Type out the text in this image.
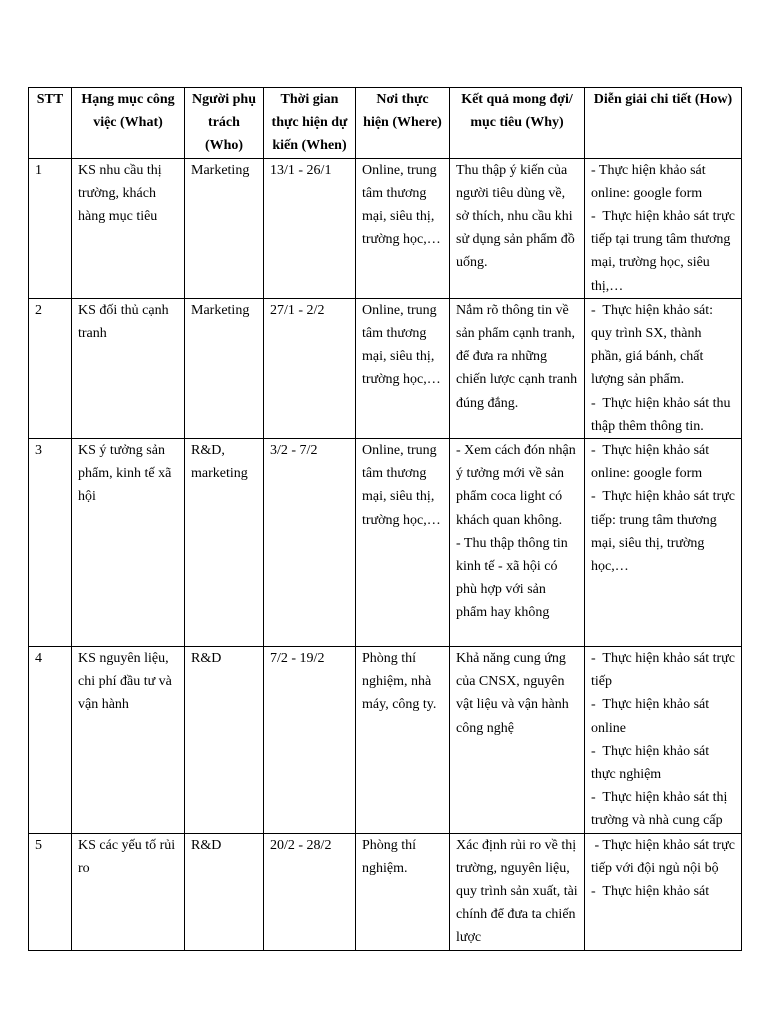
STT	Hạng mục công việc (What)	Người phụ trách (Who)	Thời gian thực hiện dự kiến (When)	Nơi thực hiện (Where)	Kết quả mong đợi/ mục tiêu (Why)	Diễn giải chi tiết (How)
1	KS nhu cầu thị trường, khách hàng mục tiêu	Marketing	13/1 - 26/1	Online, trung tâm thương mại, siêu thị, trường học,…	Thu thập ý kiến của người tiêu dùng về, sở thích, nhu cầu khi sử dụng sản phẩm đồ uống.	- Thực hiện khảo sát online: google form
-  Thực hiện khảo sát trực tiếp tại trung tâm thương mại, trường học, siêu thị,…

2	KS đối thủ cạnh tranh	Marketing	27/1 - 2/2	Online, trung tâm thương mại, siêu thị, trường học,…	Nắm rõ thông tin về sản phẩm cạnh tranh, để đưa ra những chiến lược cạnh tranh đúng đắng.	-  Thực hiện khảo sát: quy trình SX, thành phần, giá bánh, chất lượng sản phẩm.
-  Thực hiện khảo sát thu thập thêm thông tin.

3	KS ý tưởng sản phẩm, kinh tế xã hội	R&D, marketing	3/2 - 7/2	Online, trung tâm thương mại, siêu thị, trường học,…	- Xem cách đón nhận ý tưởng mới về sản phẩm coca light có khách quan không.
- Thu thập thông tin kinh tế - xã hội có phù hợp với sản phẩm hay không	-  Thực hiện khảo sát online: google form
-  Thực hiện khảo sát trực tiếp: trung tâm thương mại, siêu thị, trường học,…

4	KS nguyên liệu, chi phí đầu tư và vận hành	R&D	7/2 - 19/2	Phòng thí nghiệm, nhà máy, công ty.	Khả năng cung ứng của CNSX, nguyên vật liệu và vận hành công nghệ	-  Thực hiện khảo sát trực tiếp
-  Thực hiện khảo sát online
-  Thực hiện khảo sát thực nghiệm
-  Thực hiện khảo sát thị trường và nhà cung cấp

5	KS các yếu tố rủi ro	R&D	20/2 - 28/2	Phòng thí nghiệm.	Xác định rủi ro về thị trường, nguyên liệu, quy trình sản xuất, tài chính để đưa ta chiến lược	- Thực hiện khảo sát trực tiếp với đội ngủ nội bộ
-  Thực hiện khảo sát
